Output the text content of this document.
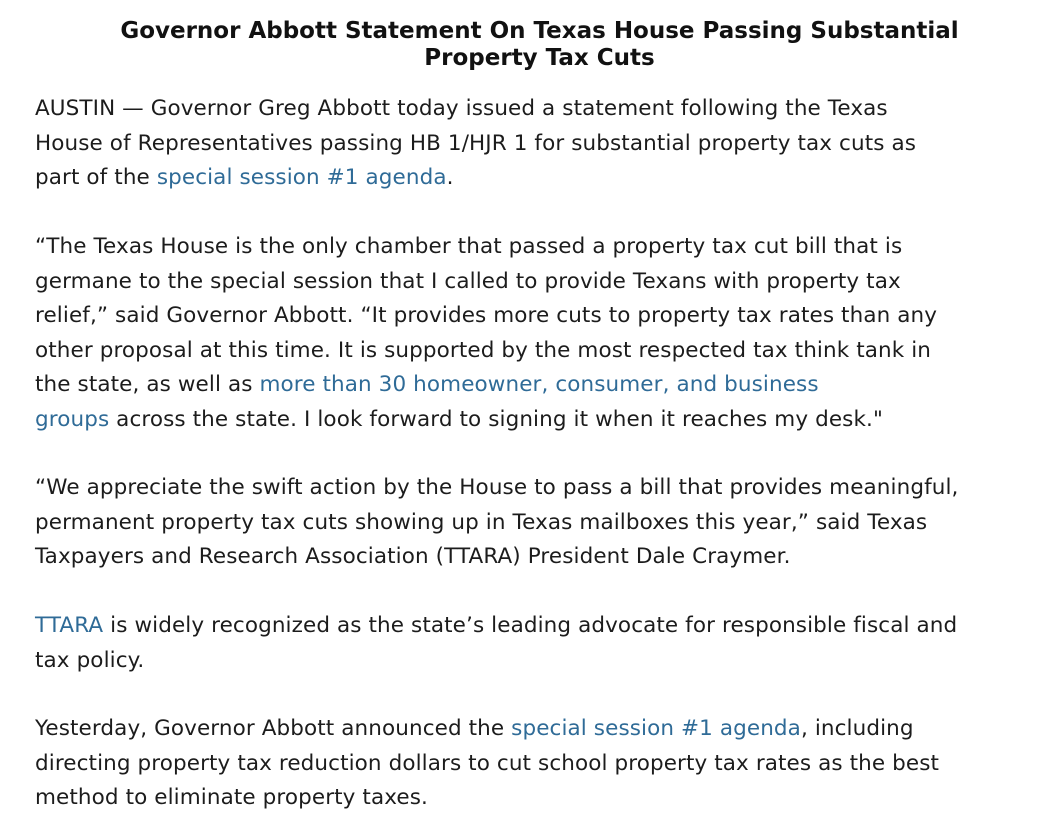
Governor Abbott Statement On Texas House Passing Substantial
Property Tax Cuts

AUSTIN — Governor Greg Abbott today issued a statement following the Texas
House of Representatives passing HB 1/HJR 1 for substantial property tax cuts as
part of the special session #1 agenda.

“The Texas House is the only chamber that passed a property tax cut bill that is
germane to the special session that I called to provide Texans with property tax
relief,” said Governor Abbott. “It provides more cuts to property tax rates than any
other proposal at this time. It is supported by the most respected tax think tank in
the state, as well as more than 30 homeowner, consumer, and business
groups across the state. I look forward to signing it when it reaches my desk."

“We appreciate the swift action by the House to pass a bill that provides meaningful,
permanent property tax cuts showing up in Texas mailboxes this year,” said Texas
Taxpayers and Research Association (TTARA) President Dale Craymer.

TTARA is widely recognized as the state’s leading advocate for responsible fiscal and
tax policy.

Yesterday, Governor Abbott announced the special session #1 agenda, including
directing property tax reduction dollars to cut school property tax rates as the best
method to eliminate property taxes.
